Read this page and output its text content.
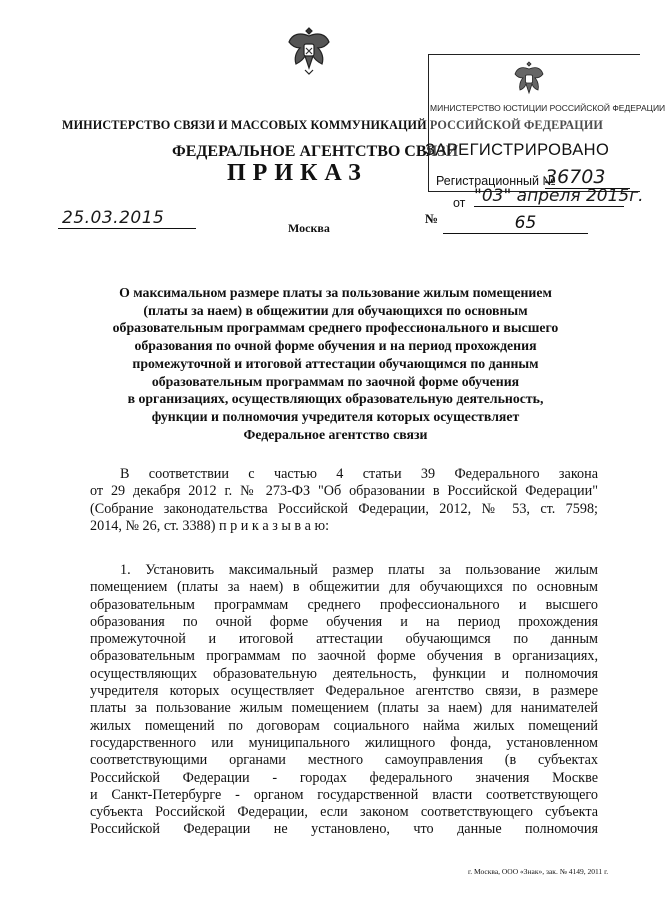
МИНИСТЕРСТВО СВЯЗИ И МАССОВЫХ КОММУНИКАЦИЙ РОССИЙСКОЙ ФЕДЕРАЦИИ
ФЕДЕРАЛЬНОЕ АГЕНТСТВО СВЯЗИ
ПРИКАЗ
25.03.2015	Москва
№	65
МИНИСТЕРСТВО ЮСТИЦИИ РОССИЙСКОЙ ФЕДЕРАЦИИ
ЗАРЕГИСТРИРОВАНО
Регистрационный №
36703
от "03" апреля 2015г.
О максимальном размере платы за пользование жилым помещением
(платы за наем) в общежитии для обучающихся по основным
образовательным программам среднего профессионального и высшего
образования по очной форме обучения и на период прохождения
промежуточной и итоговой аттестации обучающимся по данным
образовательным программам по заочной форме обучения
в организациях, осуществляющих образовательную деятельность,
функции и полномочия учредителя которых осуществляет
Федеральное агентство связи
В соответствии с частью 4 статьи 39 Федерального закона
от 29 декабря 2012 г. № 273-ФЗ "Об образовании в Российской Федерации"
(Собрание законодательства Российской Федерации, 2012, № 53, ст. 7598;
2014, № 26, ст. 3388) п р и к а з ы в а ю:
1. Установить максимальный размер платы за пользование жилым
помещением (платы за наем) в общежитии для обучающихся по основным
образовательным программам среднего профессионального и высшего
образования по очной форме обучения и на период прохождения
промежуточной и итоговой аттестации обучающимся по данным
образовательным программам по заочной форме обучения в организациях,
осуществляющих образовательную деятельность, функции и полномочия
учредителя которых осуществляет Федеральное агентство связи, в размере
платы за пользование жилым помещением (платы за наем) для нанимателей
жилых помещений по договорам социального найма жилых помещений
государственного или муниципального жилищного фонда, установленном
соответствующими органами местного самоуправления (в субъектах
Российской Федерации - городах федерального значения Москве
и Санкт-Петербурге - органом государственной власти соответствующего
субъекта Российской Федерации, если законом соответствующего субъекта
Российской Федерации не установлено, что данные полномочия
г. Москва, ООО «Знак», зак. № 4149, 2011 г.
